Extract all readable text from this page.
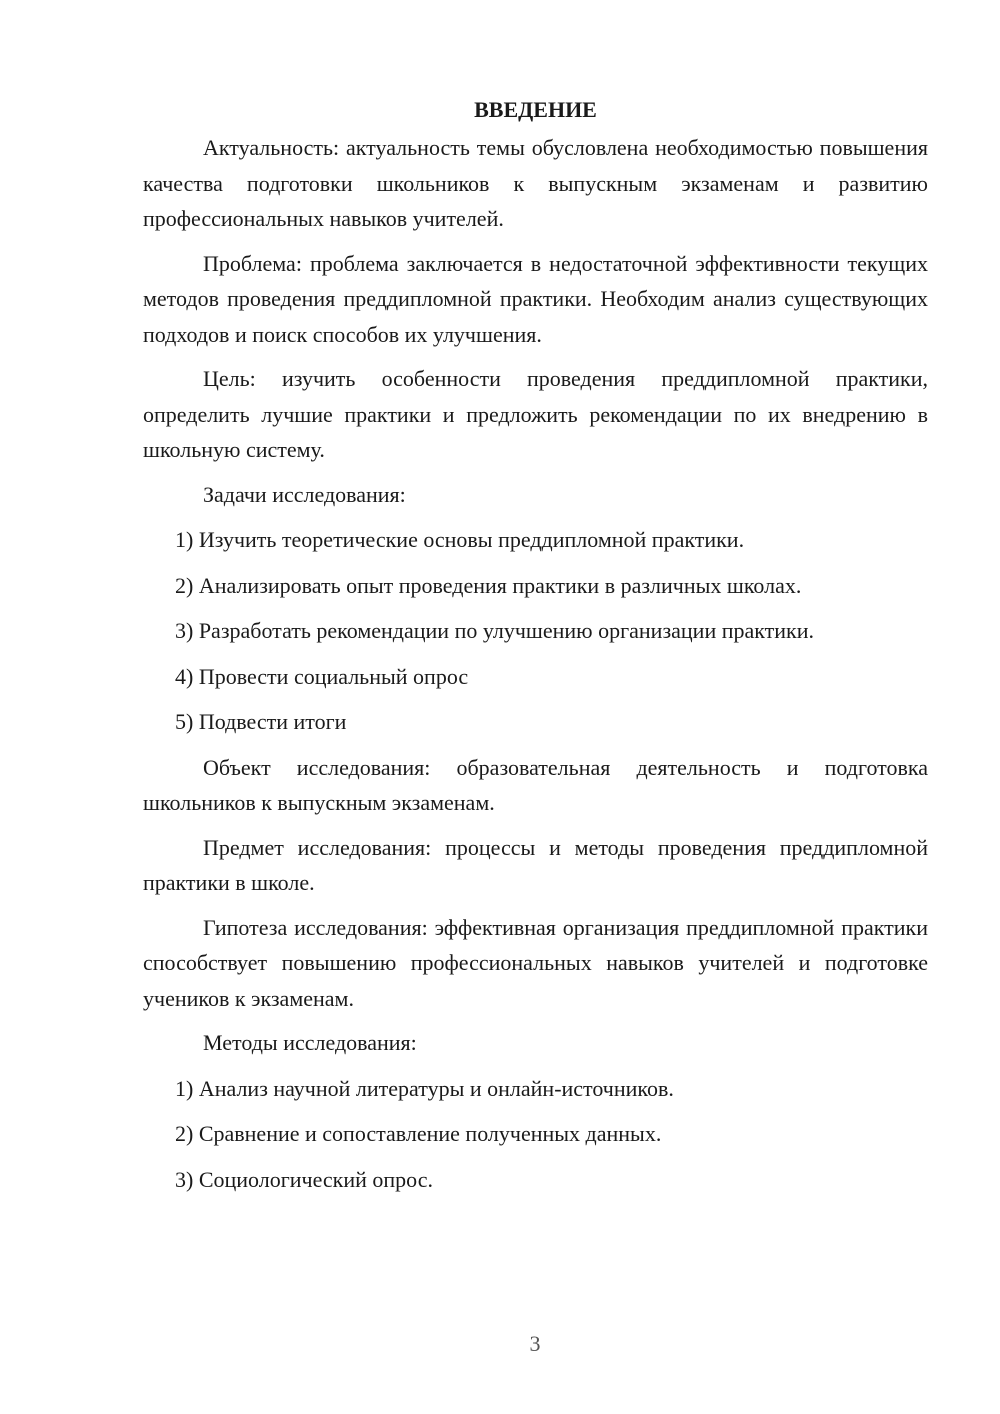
ВВЕДЕНИЕ

Актуальность: актуальность темы обусловлена необходимостью повышения качества подготовки школьников к выпускным экзаменам и развитию профессиональных навыков учителей.

Проблема: проблема заключается в недостаточной эффективности текущих методов проведения преддипломной практики. Необходим анализ существующих подходов и поиск способов их улучшения.

Цель: изучить особенности проведения преддипломной практики, определить лучшие практики и предложить рекомендации по их внедрению в школьную систему.

Задачи исследования:

1) Изучить теоретические основы преддипломной практики.
2) Анализировать опыт проведения практики в различных школах.
3) Разработать рекомендации по улучшению организации практики.
4) Провести социальный опрос
5) Подвести итоги

Объект исследования: образовательная деятельность и подготовка школьников к выпускным экзаменам.

Предмет исследования: процессы и методы проведения преддипломной практики в школе.

Гипотеза исследования: эффективная организация преддипломной практики способствует повышению профессиональных навыков учителей и подготовке учеников к экзаменам.

Методы исследования:

1) Анализ научной литературы и онлайн-источников.
2) Сравнение и сопоставление полученных данных.
3) Социологический опрос.
3
